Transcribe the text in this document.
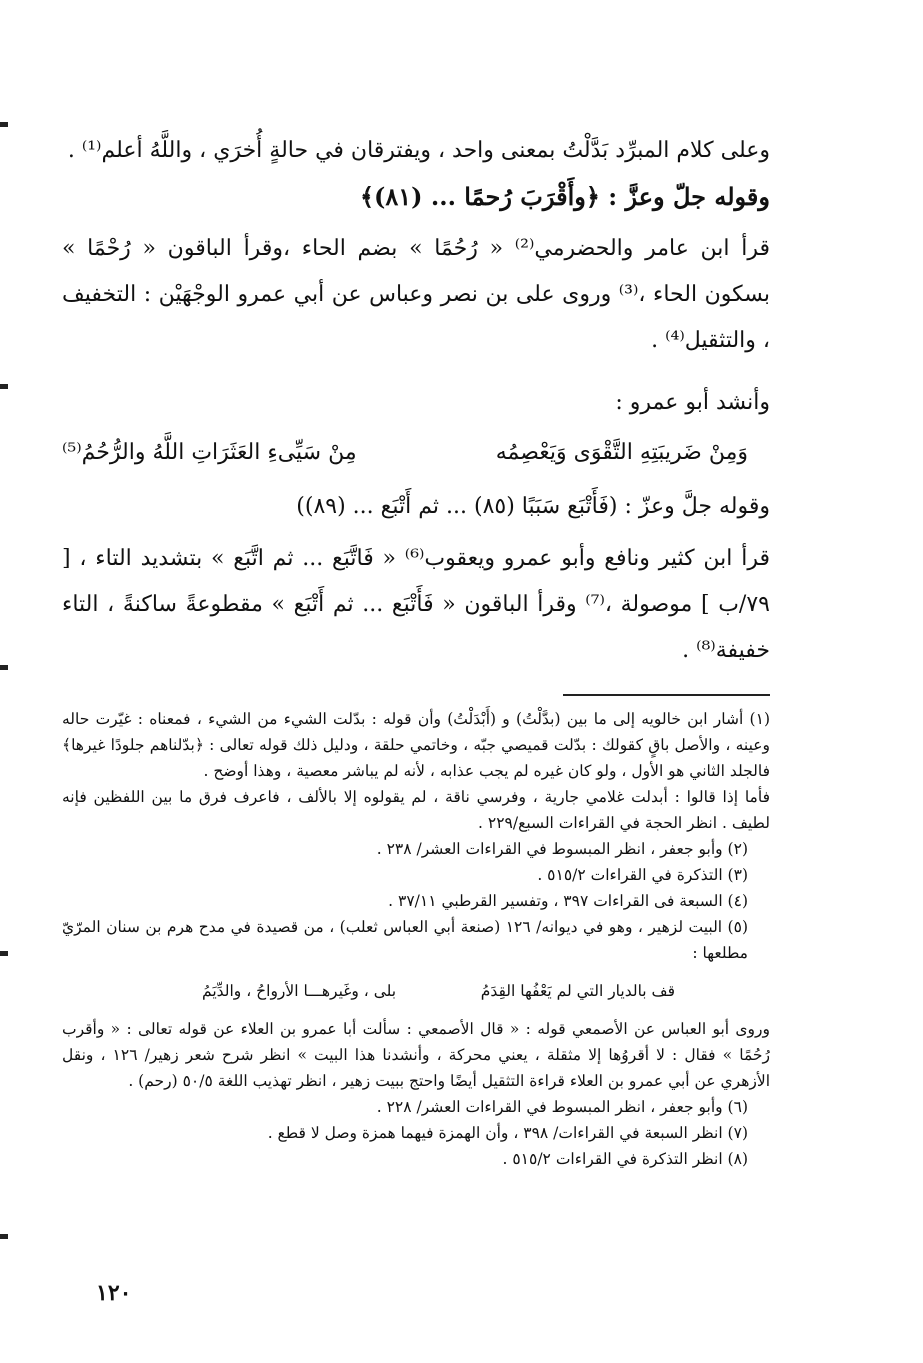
وعلى كلام المبرِّد بَدَّلْتُ بمعنى واحد ، ويفترقان في حالةٍ أُخرَي ، واللَّهُ أعلم⁽¹⁾ .

وقوله جلّ وعزَّ : ﴿وأَقْرَبَ رُحمًا ... (٨١)﴾

قرأ ابن عامر والحضرمي⁽²⁾ « رُحُمًا » بضم الحاء ،وقرأ الباقون « رُحْمًا » بسكون الحاء ،⁽³⁾ وروى على بن نصر وعباس عن أبي عمرو الوجْهَيْن : التخفيف ، والتثقيل⁽⁴⁾ .

وأنشد أبو عمرو :

وَمِنْ ضَريبَتِهِ التَّقْوَى وَيَعْصِمُه
مِنْ سَيِّىءِ العَثَرَاتِ اللَّهُ والرُّحُمُ⁽⁵⁾

وقوله جلَّ وعزّ : (فَأَتْبَع سَبَبًا (٨٥) ... ثم أَتْبَع ... (٨٩))

قرأ ابن كثير ونافع وأبو عمرو ويعقوب⁽⁶⁾ « فَاتَّبَع ... ثم اتَّبَع » بتشديد التاء ، [ ٧٩/ب ] موصولة ،⁽⁷⁾ وقرأ الباقون « فَأَتْبَع ... ثم أَتْبَع » مقطوعةً ساكنةً ، التاء خفيفة⁽⁸⁾ .

(١) أشار ابن خالويه إلى ما بين (بدَّلْتُ) و (أَبْدَلْتُ) وأن قوله : بدّلت الشيء من الشيء ، فمعناه : غيّرت حاله وعينه ، والأصل باقٍ كقولك : بدّلت قميصي جبّه ، وخاتمي حلقة ، ودليل ذلك قوله تعالى : ﴿بدّلناهم جلودًا غيرها﴾ فالجلد الثاني هو الأول ، ولو كان غيره لم يجب عذابه ، لأنه لم يباشر معصية ، وهذا أوضح .

فأما إذا قالوا : أبدلت غلامي جارية ، وفرسي ناقة ، لم يقولوه إلا بالألف ، فاعرف فرق ما بين اللفظين فإنه لطيف . انظر الحجة في القراءات السبع/٢٢٩ .

(٢) وأبو جعفر ، انظر المبسوط في القراءات العشر/ ٢٣٨ .

(٣) التذكرة في القراءات ٥١٥/٢ .

(٤) السبعة فى القراءات ٣٩٧ ، وتفسير القرطبي ٣٧/١١ .

(٥) البيت لزهير ، وهو في ديوانه/ ١٢٦ (صنعة أبي العباس ثعلب) ، من قصيدة في مدح هرم بن سنان المرّيّ مطلعها :

قف بالديار التي لم يَعْفُها القِدَمُ
بلى ، وغَيرهـــا الأرواحُ ، والدِّيَمُ

وروى أبو العباس عن الأصمعي قوله : « قال الأصمعي : سألت أبا عمرو بن العلاء عن قوله تعالى : « وأقرب رُحُمًا » فقال : لا أقروُها إلا مثقلة ، يعني محركة ، وأنشدنا هذا البيت » انظر شرح شعر زهير/ ١٢٦ ، ونقل الأزهري عن أبي عمرو بن العلاء قراءة التثقيل أيضًا واحتج ببيت زهير ، انظر تهذيب اللغة ٥٠/٥ (رحم) .

(٦) وأبو جعفر ، انظر المبسوط في القراءات العشر/ ٢٢٨ .

(٧) انظر السبعة في القراءات/ ٣٩٨ ، وأن الهمزة فيهما همزة وصل لا قطع .

(٨) انظر التذكرة في القراءات ٥١٥/٢ .

١٢٠
